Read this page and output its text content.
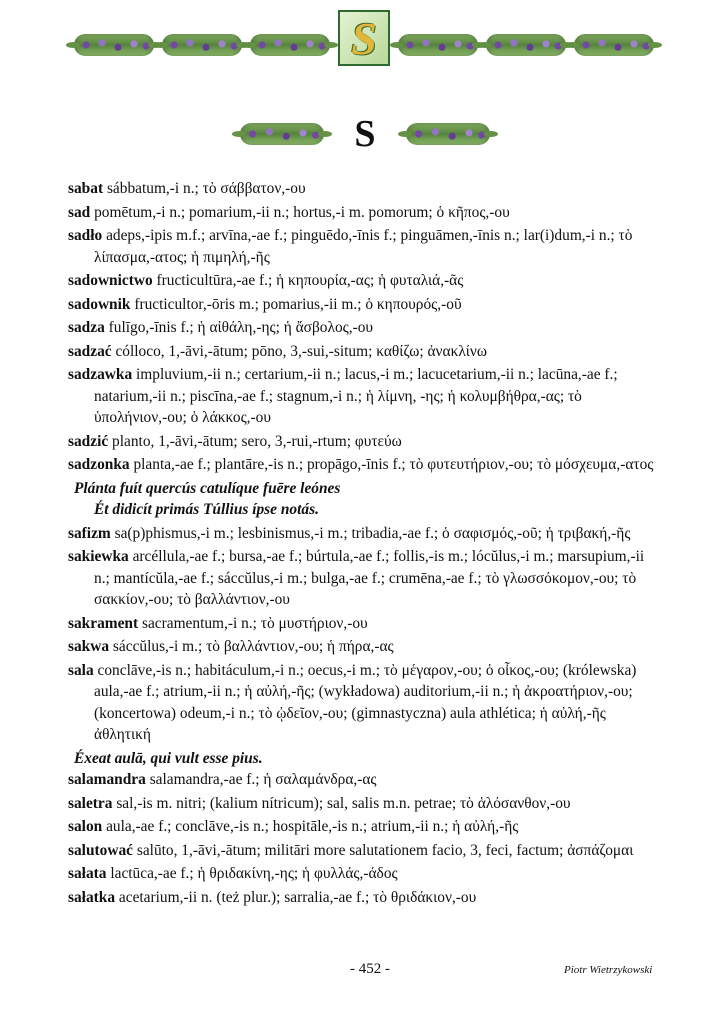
S
S
sabat sábbatum,-i n.; τὸ σάββατον,-ου
sad pomētum,-i n.; pomarium,-ii n.; hortus,-i m. pomorum; ὁ κῆπος,-ου
sadło adeps,-ipis m.f.; arvīna,-ae f.; pinguēdo,-īnis f.; pinguāmen,-īnis n.; lar(i)dum,-i n.; τὸ λίπασμα,-ατος; ἡ πιμηλή,-ῆς
sadownictwo fructicultūra,-ae f.; ἡ κηπουρία,-ας; ἡ φυταλιά,-ᾶς
sadownik fructicultor,-ōris m.; pomarius,-ii m.; ὁ κηπουρός,-οῦ
sadza fulīgo,-īnis f.; ἡ αἰθάλη,-ης; ἡ ἄσβολος,-ου
sadzać cólloco, 1,-āvi,-ātum; pōno, 3,-sui,-situm; καθίζω; ἀνακλίνω
sadzawka impluvium,-ii n.; certarium,-ii n.; lacus,-i m.; lacucetarium,-ii n.; lacūna,-ae f.; natarium,-ii n.; piscīna,-ae f.; stagnum,-i n.; ἡ λίμνη, -ης; ἡ κολυμβήθρα,-ας; τὸ ὑπολήνιον,-ου; ὁ λάκκος,-ου
sadzić planto, 1,-āvi,-ātum; sero, 3,-rui,-rtum; φυτεύω
sadzonka planta,-ae f.; plantāre,-is n.; propāgo,-īnis f.; τὸ φυτευτήριον,-ου; τὸ μόσχευμα,-ατος
Plánta fuít quercús catulíque fuēre leónes
Ét didicít primás Túllius ípse notás.
safizm sa(p)phismus,-i m.; lesbinismus,-i m.; tribadia,-ae f.; ὁ σαφισμός,-οῦ; ἡ τριβακή,-ῆς
sakiewka arcéllula,-ae f.; bursa,-ae f.; búrtula,-ae f.; follis,-is m.; lócŭlus,-i m.; marsupium,-ii n.; mantícŭla,-ae f.; sáccŭlus,-i m.; bulga,-ae f.; crumēna,-ae f.; τὸ γλωσσόκομον,-ου; τὸ σακκίον,-ου; τὸ βαλλάντιον,-ου
sakrament sacramentum,-i n.; τὸ μυστήριον,-ου
sakwa sáccŭlus,-i m.; τὸ βαλλάντιον,-ου; ἡ πήρα,-ας
sala conclāve,-is n.; habitáculum,-i n.; oecus,-i m.; τὸ μέγαρον,-ου; ὁ οἶκος,-ου; (królewska) aula,-ae f.; atrium,-ii n.; ἡ αὐλή,-ῆς; (wykładowa) auditorium,-ii n.; ἡ ἀκροατήριον,-ου; (koncertowa) odeum,-i n.; τὸ ᾠδεῖον,-ου; (gimnastyczna) aula athlética; ἡ αὐλή,-ῆς ἀθλητική
Éxeat aulā, qui vult esse pius.
salamandra salamandra,-ae f.; ἡ σαλαμάνδρα,-ας
saletra sal,-is m. nitri; (kalium nítricum); sal, salis m.n. petrae; τὸ ἁλόσανθον,-ου
salon aula,-ae f.; conclāve,-is n.; hospitāle,-is n.; atrium,-ii n.; ἡ αὐλή,-ῆς
salutować salūto, 1,-āvi,-ātum; militāri more salutationem facio, 3, feci, factum; ἀσπάζομαι
sałata lactūca,-ae f.; ἡ θριδακίνη,-ης; ἡ φυλλάς,-άδος
sałatka acetarium,-ii n. (też plur.); sarralia,-ae f.; τὸ θριδάκιον,-ου
- 452 -	Piotr Wietrzykowski
